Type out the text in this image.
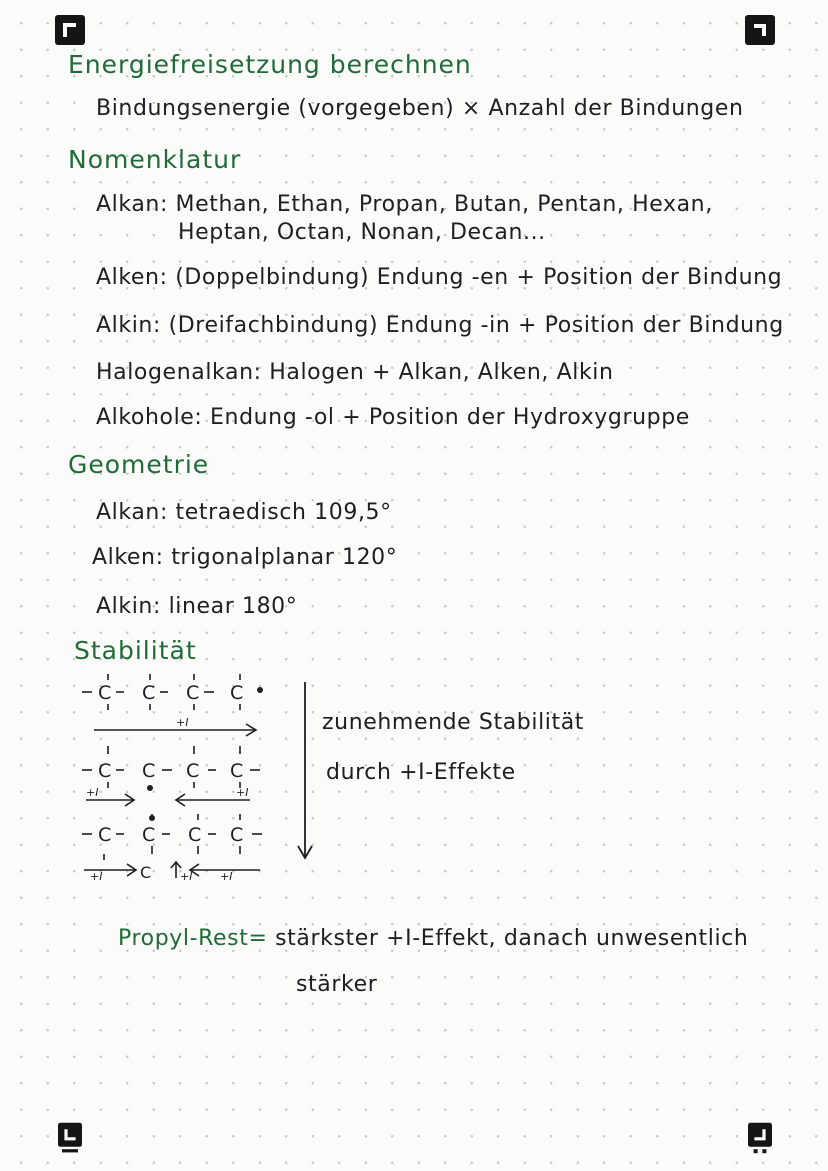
Energiefreisetzung berechnen
Bindungsenergie (vorgegeben) × Anzahl der Bindungen
Nomenklatur
Alkan: Methan, Ethan, Propan, Butan, Pentan, Hexan,
Heptan, Octan, Nonan, Decan...
Alken: (Doppelbindung) Endung -en + Position der Bindung
Alkin: (Dreifachbindung) Endung -in + Position der Bindung
Halogenalkan: Halogen + Alkan, Alken, Alkin
Alkohole: Endung -ol + Position der Hydroxygruppe
Geometrie
Alkan: tetraedisch 109,5°
Alken: trigonalplanar 120°
Alkin: linear 180°
Stabilität
C C C C
C C C C
C C C C
C
+I
+I	+I
+I	+I	+I
zunehmende Stabilität
durch +I-Effekte
Propyl-Rest= stärkster +I-Effekt, danach unwesentlich
stärker
